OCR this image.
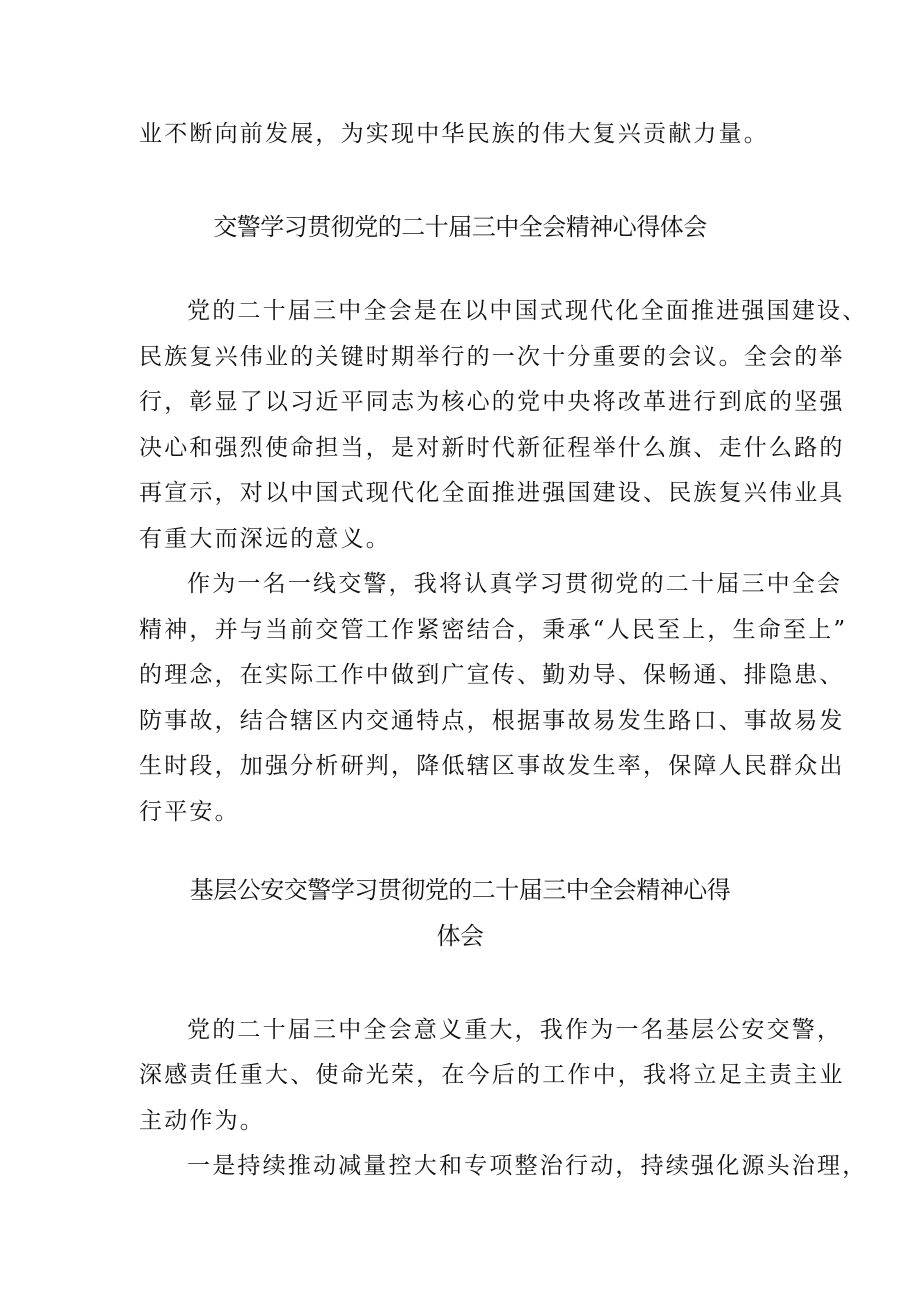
业不断向前发展，为实现中华民族的伟大复兴贡献力量。
交警学习贯彻党的二十届三中全会精神心得体会
党的二十届三中全会是在以中国式现代化全面推进强国建设、
民族复兴伟业的关键时期举行的一次十分重要的会议。全会的举
行，彰显了以习近平同志为核心的党中央将改革进行到底的坚强
决心和强烈使命担当，是对新时代新征程举什么旗、走什么路的
再宣示，对以中国式现代化全面推进强国建设、民族复兴伟业具
有重大而深远的意义。
作为一名一线交警，我将认真学习贯彻党的二十届三中全会
精神，并与当前交管工作紧密结合，秉承“人民至上，生命至上”
的理念，在实际工作中做到广宣传、勤劝导、保畅通、排隐患、
防事故，结合辖区内交通特点，根据事故易发生路口、事故易发
生时段，加强分析研判，降低辖区事故发生率，保障人民群众出
行平安。
基层公安交警学习贯彻党的二十届三中全会精神心得
体会
党的二十届三中全会意义重大，我作为一名基层公安交警，
深感责任重大、使命光荣，在今后的工作中，我将立足主责主业
主动作为。
一是持续推动减量控大和专项整治行动，持续强化源头治理，
